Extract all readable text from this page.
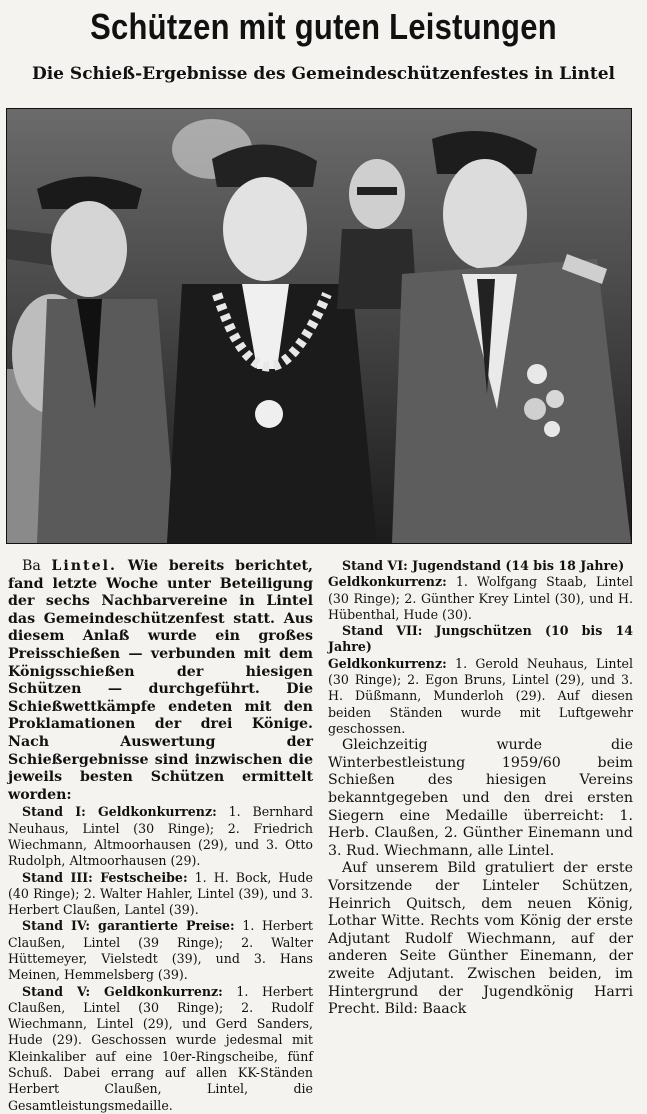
Schützen mit guten Leistungen
Die Schieß-Ergebnisse des Gemeindeschützenfestes in Lintel

Ba Lintel. Wie bereits berichtet, fand letzte Woche unter Beteiligung der sechs Nachbarvereine in Lintel das Gemeindeschützenfest statt. Aus diesem Anlaß wurde ein großes Preisschießen — verbunden mit dem Königsschießen der hiesigen Schützen — durchgeführt. Die Schießwettkämpfe endeten mit den Proklamationen der drei Könige. Nach Auswertung der Schießergebnisse sind inzwischen die jeweils besten Schützen ermittelt worden:

Stand I: Geldkonkurrenz: 1. Bernhard Neuhaus, Lintel (30 Ringe); 2. Friedrich Wiechmann, Altmoorhausen (29), und 3. Otto Rudolph, Altmoorhausen (29).

Stand III: Festscheibe: 1. H. Bock, Hude (40 Ringe); 2. Walter Hahler, Lintel (39), und 3. Herbert Claußen, Lantel (39).

Stand IV: garantierte Preise: 1. Herbert Claußen, Lintel (39 Ringe); 2. Walter Hüttemeyer, Vielstedt (39), und 3. Hans Meinen, Hemmelsberg (39).

Stand V: Geldkonkurrenz: 1. Herbert Claußen, Lintel (30 Ringe); 2. Rudolf Wiechmann, Lintel (29), und Gerd Sanders, Hude (29). Geschossen wurde jedesmal mit Kleinkaliber auf eine 10er-Ringscheibe, fünf Schuß. Dabei errang auf allen KK-Ständen Herbert Claußen, Lintel, die Gesamtleistungsmedaille.

Stand VI: Jugendstand (14 bis 18 Jahre)

Geldkonkurrenz: 1. Wolfgang Staab, Lintel (30 Ringe); 2. Günther Krey Lintel (30), und H. Hübenthal, Hude (30).

Stand VII: Jungschützen (10 bis 14 Jahre)

Geldkonkurrenz: 1. Gerold Neuhaus, Lintel (30 Ringe); 2. Egon Bruns, Lintel (29), und 3. H. Düßmann, Munderloh (29). Auf diesen beiden Ständen wurde mit Luftgewehr geschossen.

Gleichzeitig wurde die Winterbestleistung 1959/60 beim Schießen des hiesigen Vereins bekanntgegeben und den drei ersten Siegern eine Medaille überreicht: 1. Herb. Claußen, 2. Günther Einemann und 3. Rud. Wiechmann, alle Lintel.

Auf unserem Bild gratuliert der erste Vorsitzende der Linteler Schützen, Heinrich Quitsch, dem neuen König, Lothar Witte. Rechts vom König der erste Adjutant Rudolf Wiechmann, auf der anderen Seite Günther Einemann, der zweite Adjutant. Zwischen beiden, im Hintergrund der Jugendkönig Harri Precht. Bild: Baack
